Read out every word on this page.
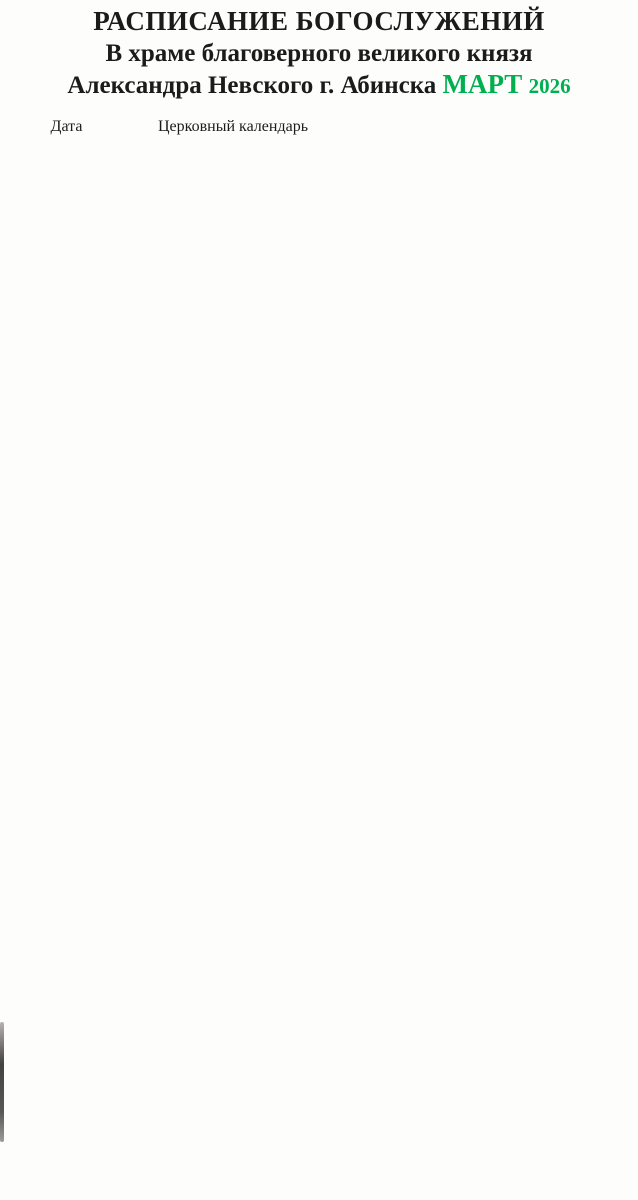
РАСПИСАНИЕ БОГОСЛУЖЕНИЙ
В храме благоверного великого князя
Александра Невского г. Абинска МАРТ 2026
Дата	Церковный календарь
